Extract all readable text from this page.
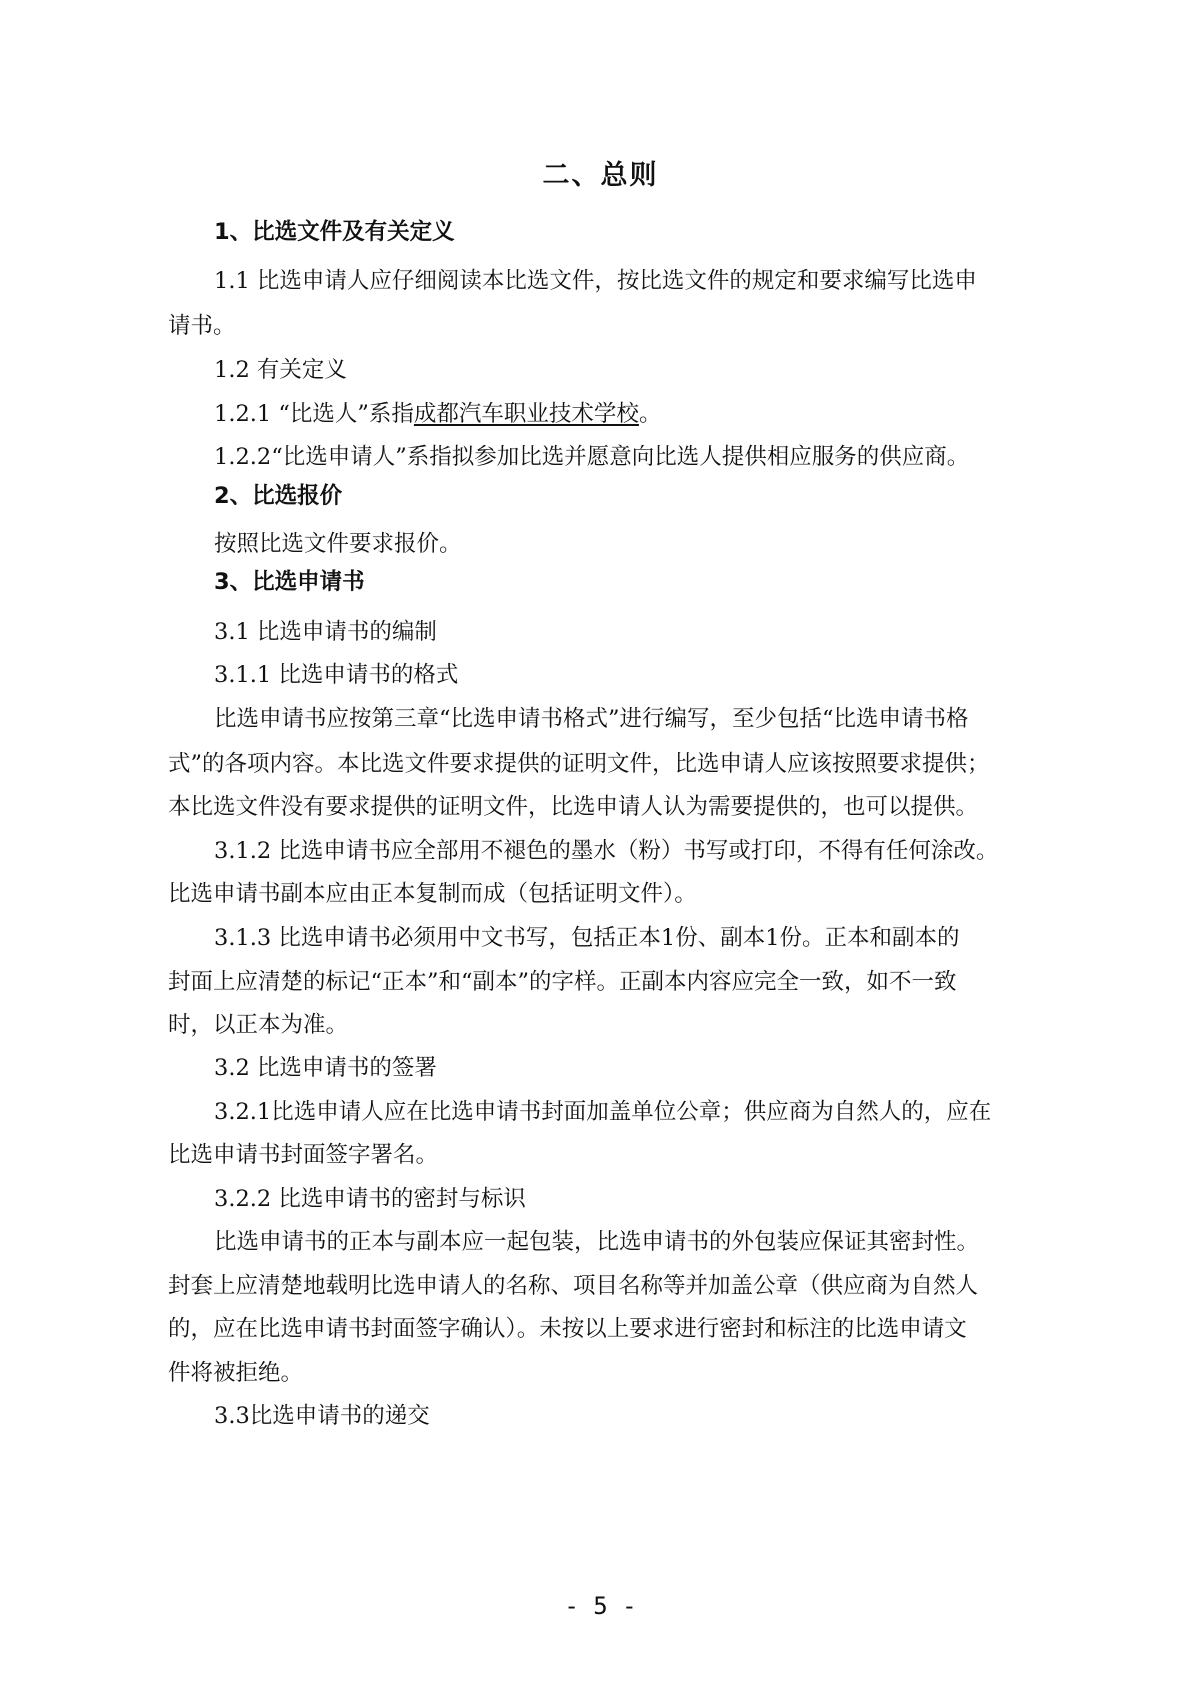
二、总则
1、比选文件及有关定义
1.1 比选申请人应仔细阅读本比选文件，按比选文件的规定和要求编写比选申
请书。
1.2 有关定义
1.2.1 “比选人”系指成都汽车职业技术学校。
1.2.2“比选申请人”系指拟参加比选并愿意向比选人提供相应服务的供应商。
2、比选报价
按照比选文件要求报价。
3、比选申请书
3.1 比选申请书的编制
3.1.1 比选申请书的格式
比选申请书应按第三章“比选申请书格式”进行编写，至少包括“比选申请书格
式”的各项内容。本比选文件要求提供的证明文件，比选申请人应该按照要求提供；
本比选文件没有要求提供的证明文件，比选申请人认为需要提供的，也可以提供。
3.1.2 比选申请书应全部用不褪色的墨水（粉）书写或打印，不得有任何涂改。
比选申请书副本应由正本复制而成（包括证明文件）。
3.1.3 比选申请书必须用中文书写，包括正本1份、副本1份。正本和副本的
封面上应清楚的标记“正本”和“副本”的字样。正副本内容应完全一致，如不一致
时，以正本为准。
3.2 比选申请书的签署
3.2.1比选申请人应在比选申请书封面加盖单位公章；供应商为自然人的，应在
比选申请书封面签字署名。
3.2.2 比选申请书的密封与标识
比选申请书的正本与副本应一起包装，比选申请书的外包装应保证其密封性。
封套上应清楚地载明比选申请人的名称、项目名称等并加盖公章（供应商为自然人
的，应在比选申请书封面签字确认）。未按以上要求进行密封和标注的比选申请文
件将被拒绝。
3.3比选申请书的递交
- 5 -
